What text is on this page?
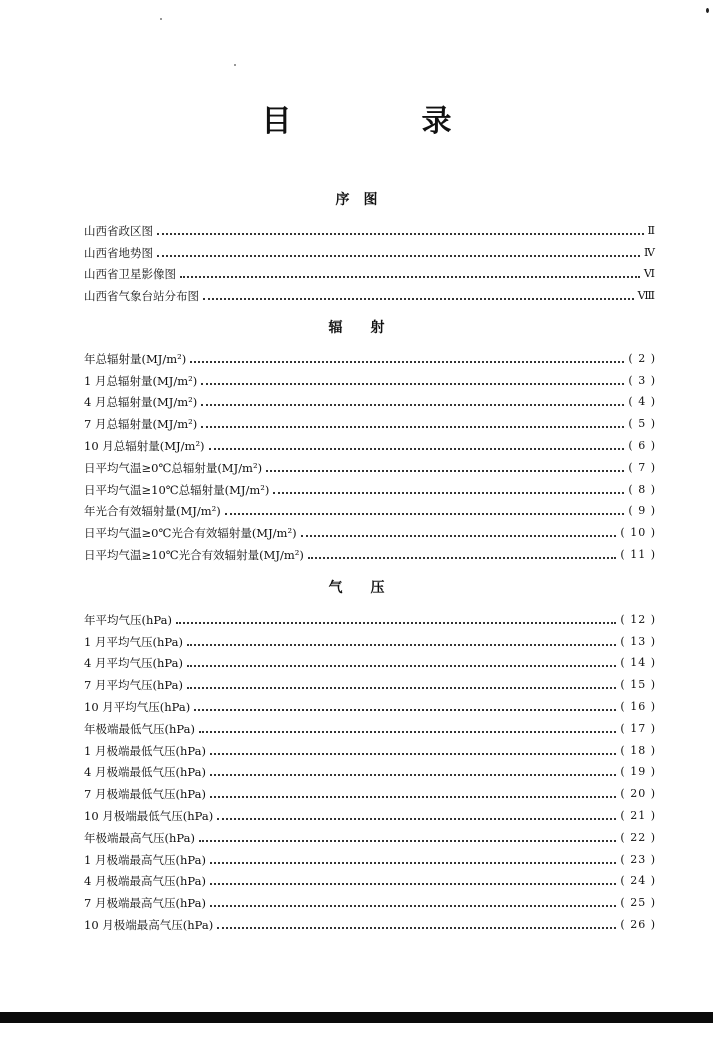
目　录
序　图
山西省政区图	Ⅱ
山西省地势图	Ⅳ
山西省卫星影像图	Ⅵ
山西省气象台站分布图	Ⅷ
辐　　射
年总辐射量(MJ/m²)	( 2 )
1 月总辐射量(MJ/m²)	( 3 )
4 月总辐射量(MJ/m²)	( 4 )
7 月总辐射量(MJ/m²)	( 5 )
10 月总辐射量(MJ/m²)	( 6 )
日平均气温≥0℃总辐射量(MJ/m²)	( 7 )
日平均气温≥10℃总辐射量(MJ/m²)	( 8 )
年光合有效辐射量(MJ/m²)	( 9 )
日平均气温≥0℃光合有效辐射量(MJ/m²)	( 10 )
日平均气温≥10℃光合有效辐射量(MJ/m²)	( 11 )
气　　压
年平均气压(hPa)	( 12 )
1 月平均气压(hPa)	( 13 )
4 月平均气压(hPa)	( 14 )
7 月平均气压(hPa)	( 15 )
10 月平均气压(hPa)	( 16 )
年极端最低气压(hPa)	( 17 )
1 月极端最低气压(hPa)	( 18 )
4 月极端最低气压(hPa)	( 19 )
7 月极端最低气压(hPa)	( 20 )
10 月极端最低气压(hPa)	( 21 )
年极端最高气压(hPa)	( 22 )
1 月极端最高气压(hPa)	( 23 )
4 月极端最高气压(hPa)	( 24 )
7 月极端最高气压(hPa)	( 25 )
10 月极端最高气压(hPa)	( 26 )
